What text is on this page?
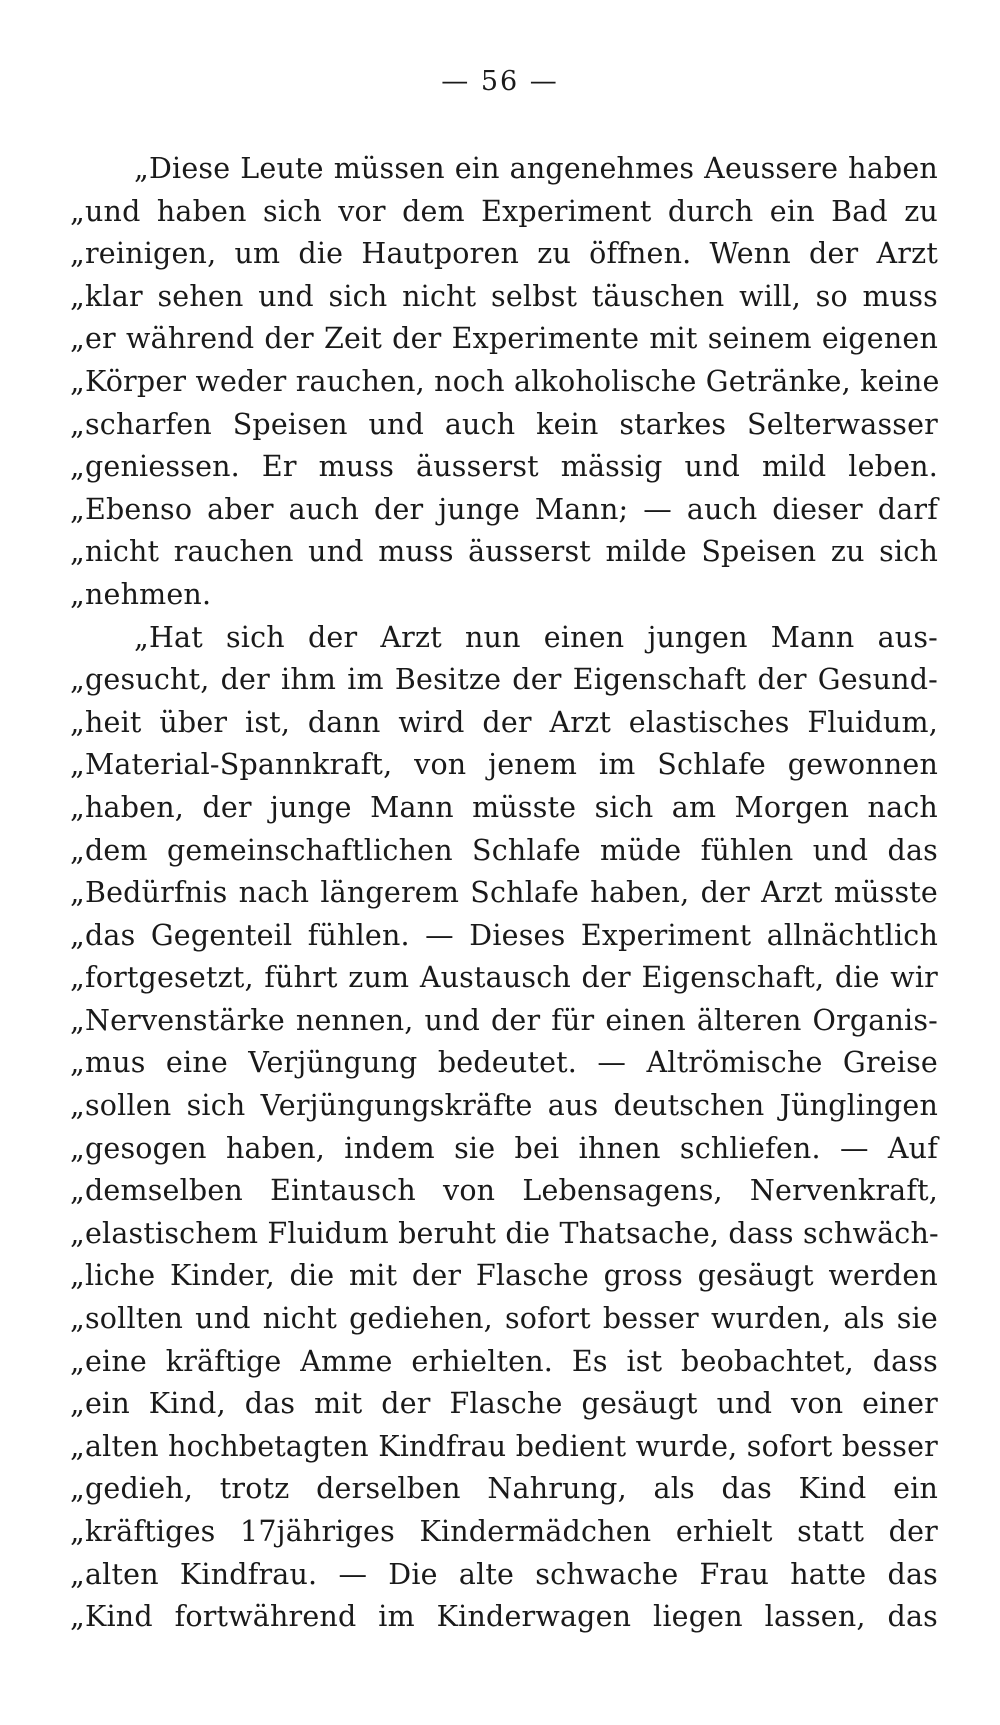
— 56 —
„Diese Leute müssen ein angenehmes Aeussere haben
„und haben sich vor dem Experiment durch ein Bad zu
„reinigen, um die Hautporen zu öffnen. Wenn der Arzt
„klar sehen und sich nicht selbst täuschen will, so muss
„er während der Zeit der Experimente mit seinem eigenen
„Körper weder rauchen, noch alkoholische Getränke, keine
„scharfen Speisen und auch kein starkes Selterwasser
„geniessen. Er muss äusserst mässig und mild leben.
„Ebenso aber auch der junge Mann; — auch dieser darf
„nicht rauchen und muss äusserst milde Speisen zu sich
„nehmen.
„Hat sich der Arzt nun einen jungen Mann aus-
„gesucht, der ihm im Besitze der Eigenschaft der Gesund-
„heit über ist, dann wird der Arzt elastisches Fluidum,
„Material-Spannkraft, von jenem im Schlafe gewonnen
„haben, der junge Mann müsste sich am Morgen nach
„dem gemeinschaftlichen Schlafe müde fühlen und das
„Bedürfnis nach längerem Schlafe haben, der Arzt müsste
„das Gegenteil fühlen. — Dieses Experiment allnächtlich
„fortgesetzt, führt zum Austausch der Eigenschaft, die wir
„Nervenstärke nennen, und der für einen älteren Organis-
„mus eine Verjüngung bedeutet. — Altrömische Greise
„sollen sich Verjüngungskräfte aus deutschen Jünglingen
„gesogen haben, indem sie bei ihnen schliefen. — Auf
„demselben Eintausch von Lebensagens, Nervenkraft,
„elastischem Fluidum beruht die Thatsache, dass schwäch-
„liche Kinder, die mit der Flasche gross gesäugt werden
„sollten und nicht gediehen, sofort besser wurden, als sie
„eine kräftige Amme erhielten. Es ist beobachtet, dass
„ein Kind, das mit der Flasche gesäugt und von einer
„alten hochbetagten Kindfrau bedient wurde, sofort besser
„gedieh, trotz derselben Nahrung, als das Kind ein
„kräftiges 17jähriges Kindermädchen erhielt statt der
„alten Kindfrau. — Die alte schwache Frau hatte das
„Kind fortwährend im Kinderwagen liegen lassen, das
